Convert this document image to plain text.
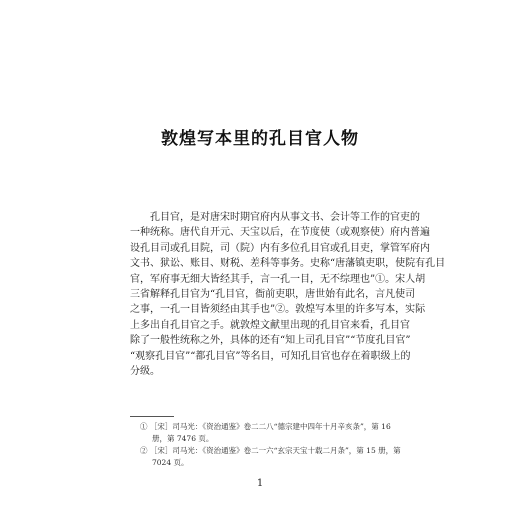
敦煌写本里的孔目官人物
孔目官，是对唐宋时期官府内从事文书、会计等工作的官吏的
一种统称。唐代自开元、天宝以后，在节度使（或观察使）府内普遍
设孔目司或孔目院，司（院）内有多位孔目官或孔目吏，掌管军府内
文书、狱讼、账目、财税、差科等事务。史称“唐藩镇吏职，使院有孔目
官，军府事无细大皆经其手，言一孔一目，无不综理也”①。宋人胡
三省解释孔目官为“孔目官，衙前吏职，唐世始有此名，言凡使司
之事，一孔一目皆须经由其手也”②。敦煌写本里的许多写本，实际
上多出自孔目官之手。就敦煌文献里出现的孔目官来看，孔目官
除了一般性统称之外，具体的还有“知上司孔目官”“节度孔目官”
“观察孔目官”“都孔目官”等名目，可知孔目官也存在着职级上的
分级。
① ［宋］司马光：《资治通鉴》卷二二八“德宗建中四年十月辛亥条”，第 16
册，第 7476 页。
② ［宋］司马光：《资治通鉴》卷二一六“玄宗天宝十载二月条”，第 15 册，第
7024 页。
1
